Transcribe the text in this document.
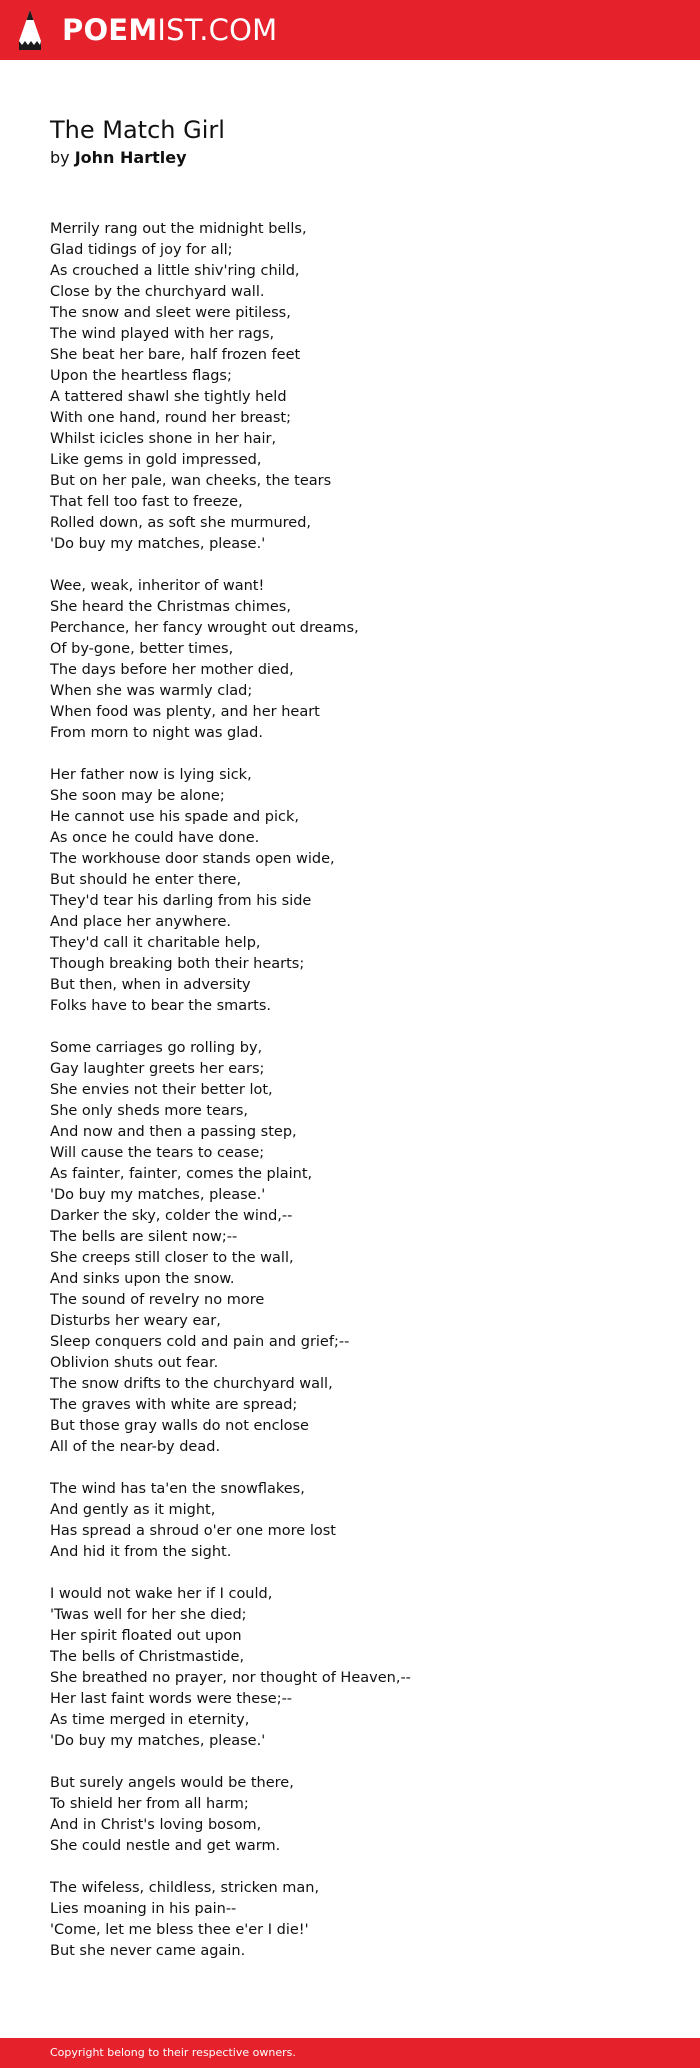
POEMIST.COM
The Match Girl
by John Hartley
Merrily rang out the midnight bells,
Glad tidings of joy for all;
As crouched a little shiv'ring child,
Close by the churchyard wall.
The snow and sleet were pitiless,
The wind played with her rags,
She beat her bare, half frozen feet
Upon the heartless flags;
A tattered shawl she tightly held
With one hand, round her breast;
Whilst icicles shone in her hair,
Like gems in gold impressed,
But on her pale, wan cheeks, the tears
That fell too fast to freeze,
Rolled down, as soft she murmured,
'Do buy my matches, please.'
Wee, weak, inheritor of want!
She heard the Christmas chimes,
Perchance, her fancy wrought out dreams,
Of by-gone, better times,
The days before her mother died,
When she was warmly clad;
When food was plenty, and her heart
From morn to night was glad.
Her father now is lying sick,
She soon may be alone;
He cannot use his spade and pick,
As once he could have done.
The workhouse door stands open wide,
But should he enter there,
They'd tear his darling from his side
And place her anywhere.
They'd call it charitable help,
Though breaking both their hearts;
But then, when in adversity
Folks have to bear the smarts.
Some carriages go rolling by,
Gay laughter greets her ears;
She envies not their better lot,
She only sheds more tears,
And now and then a passing step,
Will cause the tears to cease;
As fainter, fainter, comes the plaint,
'Do buy my matches, please.'
Darker the sky, colder the wind,--
The bells are silent now;--
She creeps still closer to the wall,
And sinks upon the snow.
The sound of revelry no more
Disturbs her weary ear,
Sleep conquers cold and pain and grief;--
Oblivion shuts out fear.
The snow drifts to the churchyard wall,
The graves with white are spread;
But those gray walls do not enclose
All of the near-by dead.
The wind has ta'en the snowflakes,
And gently as it might,
Has spread a shroud o'er one more lost
And hid it from the sight.
I would not wake her if I could,
'Twas well for her she died;
Her spirit floated out upon
The bells of Christmastide,
She breathed no prayer, nor thought of Heaven,--
Her last faint words were these;--
As time merged in eternity,
'Do buy my matches, please.'
But surely angels would be there,
To shield her from all harm;
And in Christ's loving bosom,
She could nestle and get warm.
The wifeless, childless, stricken man,
Lies moaning in his pain--
'Come, let me bless thee e'er I die!'
But she never came again.
Copyright belong to their respective owners.
